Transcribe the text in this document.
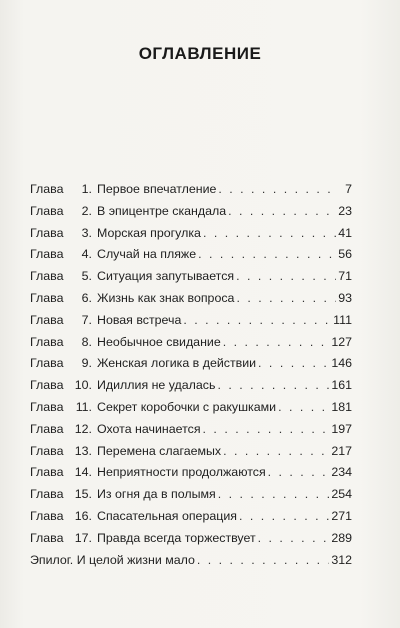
ОГЛАВЛЕНИЕ
Глава	1. Первое впечатление . . .	7
Глава	2. В эпицентре скандала . . .	23
Глава	3. Морская прогулка . . .	41
Глава	4. Случай на пляже . . .	56
Глава	5. Ситуация запутывается . . .	71
Глава	6. Жизнь как знак вопроса . . .	93
Глава	7. Новая встреча . . .	111
Глава	8. Необычное свидание . . .	127
Глава	9. Женская логика в действии . . .	146
Глава 10. Идиллия не удалась . . .	161
Глава 11. Секрет коробочки с ракушками . . .	181
Глава 12. Охота начинается . . .	197
Глава 13. Перемена слагаемых . . .	217
Глава 14. Неприятности продолжаются . . .	234
Глава 15. Из огня да в полымя . . .	254
Глава 16. Спасательная операция . . .	271
Глава 17. Правда всегда торжествует . . .	289
Эпилог. И целой жизни мало . . .	312
